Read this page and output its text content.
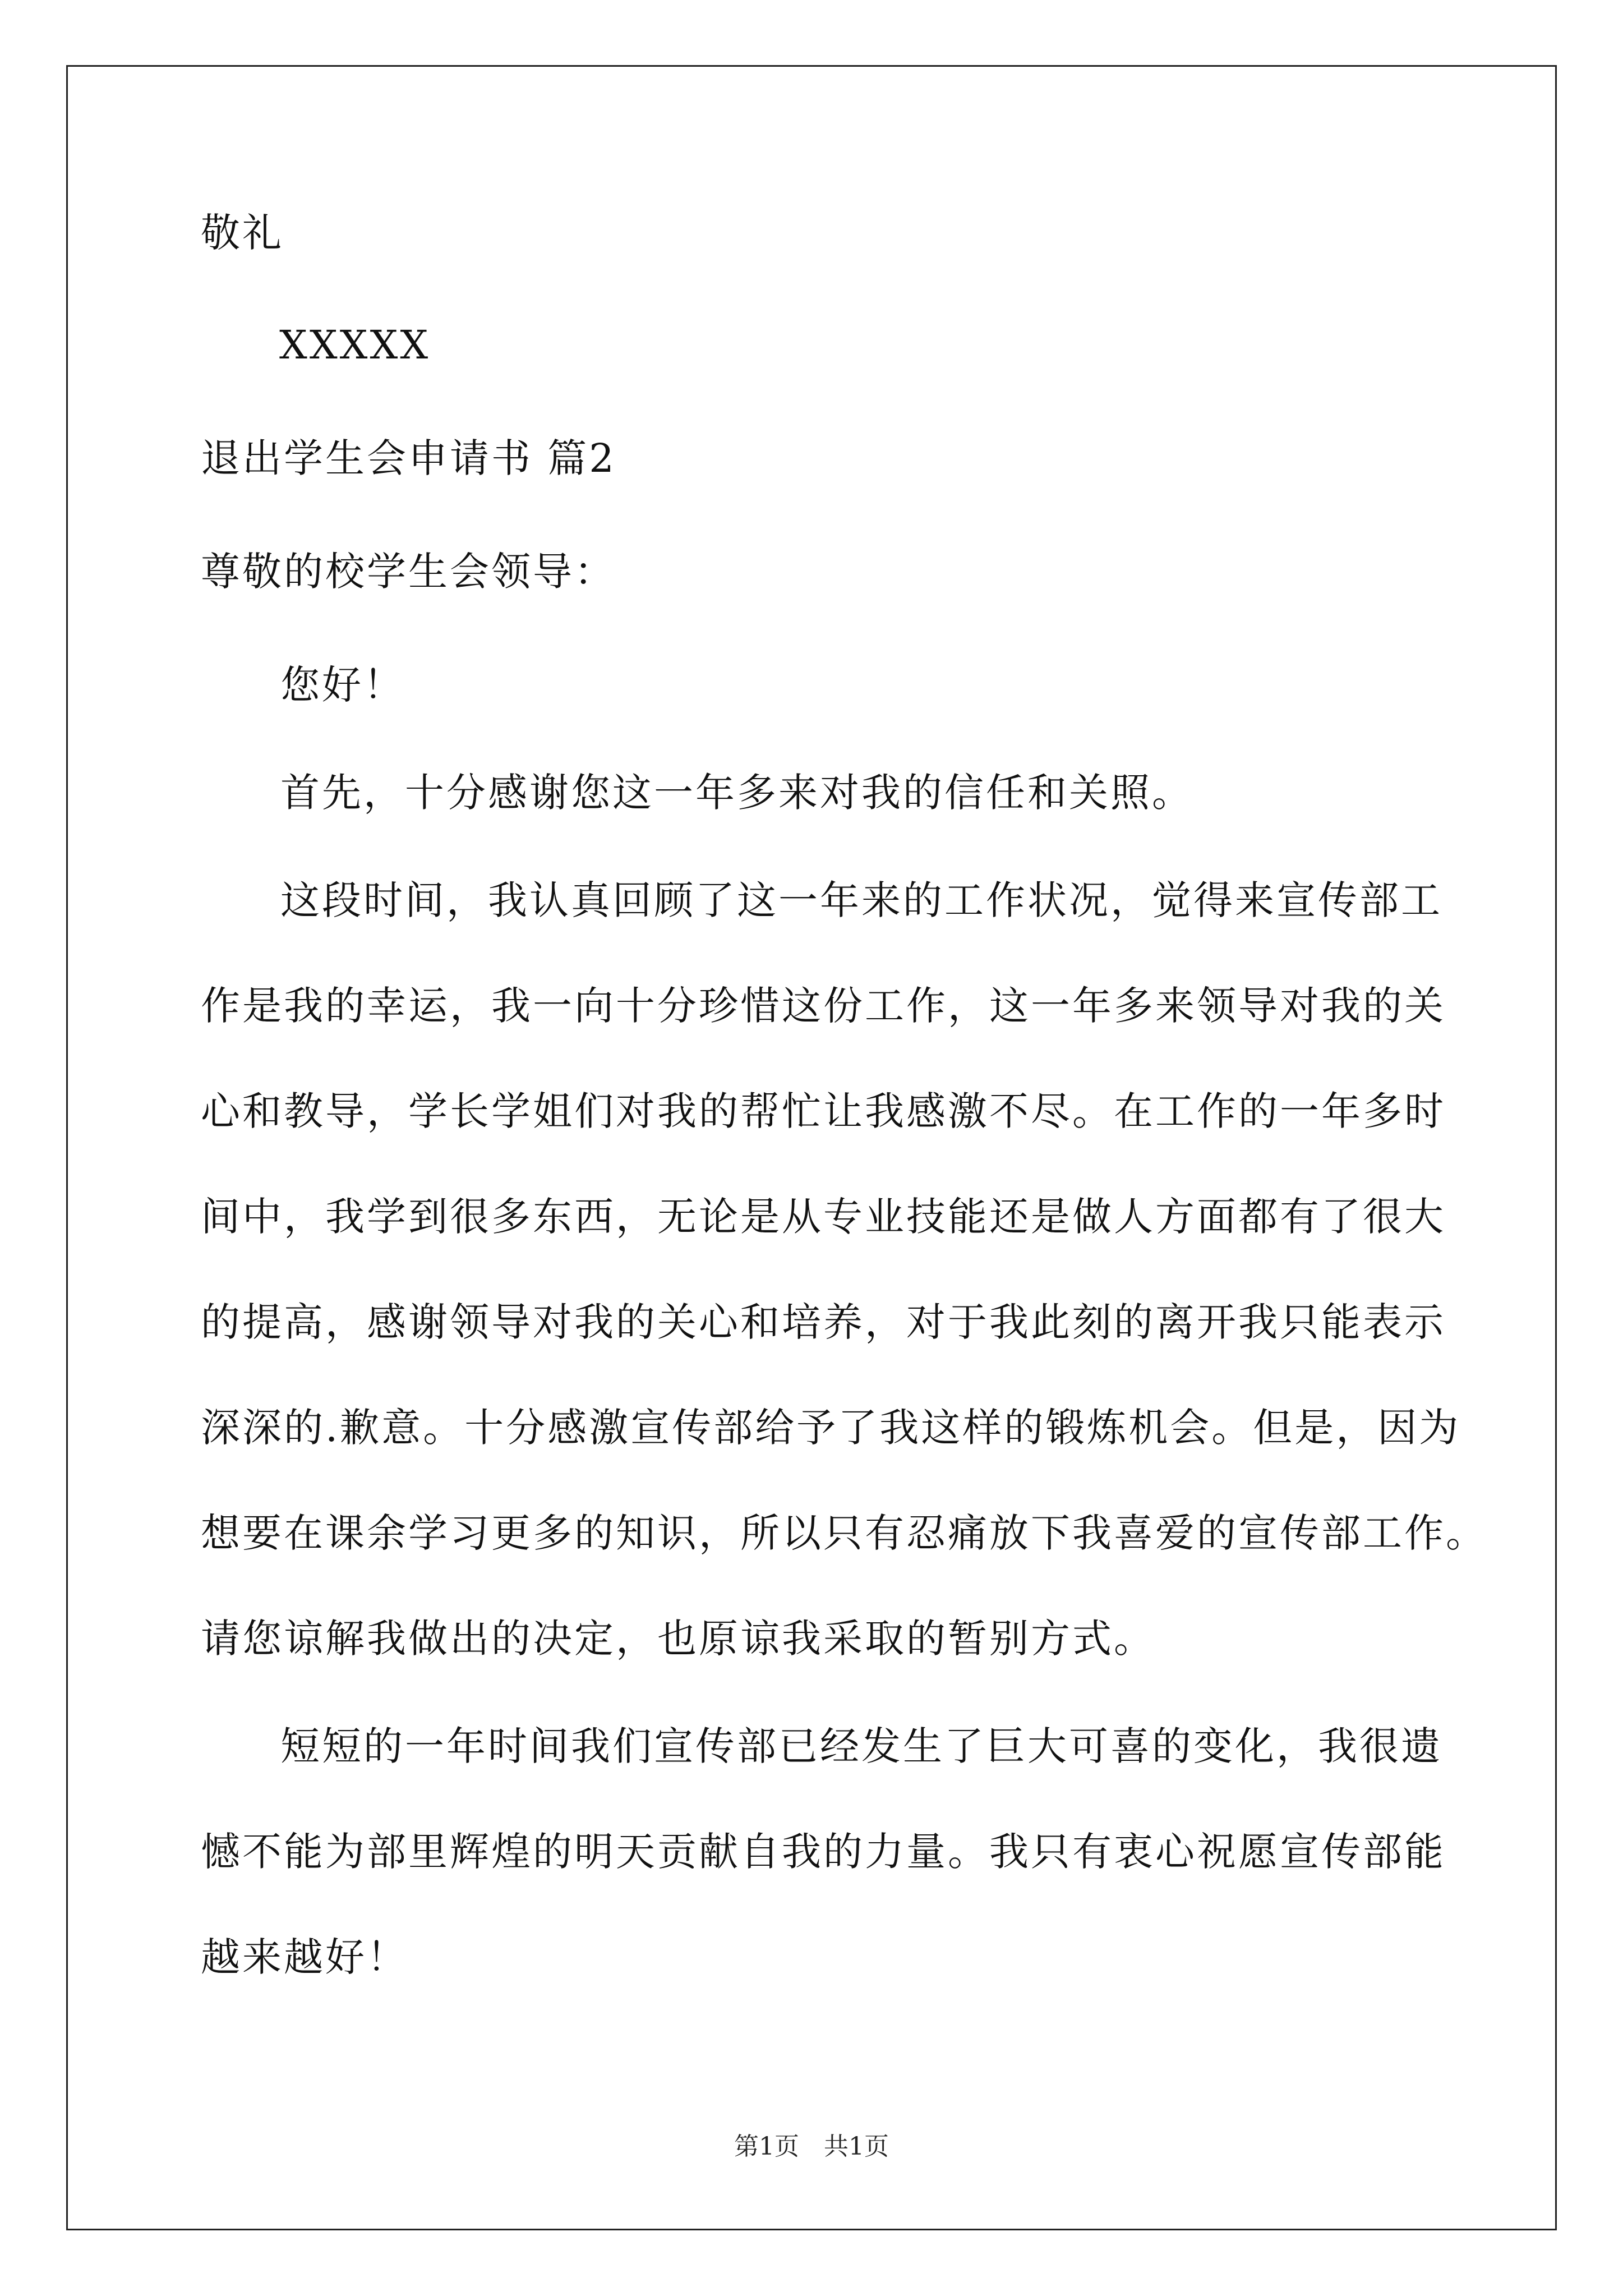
敬礼

XXXXX

退出学生会申请书 篇2

尊敬的校学生会领导：

您好！

首先，十分感谢您这一年多来对我的信任和关照。

这段时间，我认真回顾了这一年来的工作状况，觉得来宣传部工

作是我的幸运，我一向十分珍惜这份工作，这一年多来领导对我的关

心和教导，学长学姐们对我的帮忙让我感激不尽。在工作的一年多时

间中，我学到很多东西，无论是从专业技能还是做人方面都有了很大

的提高，感谢领导对我的关心和培养，对于我此刻的离开我只能表示

深深的.歉意。十分感激宣传部给予了我这样的锻炼机会。但是，因为

想要在课余学习更多的知识，所以只有忍痛放下我喜爱的宣传部工作。

请您谅解我做出的决定，也原谅我采取的暂别方式。

短短的一年时间我们宣传部已经发生了巨大可喜的变化，我很遗

憾不能为部里辉煌的明天贡献自我的力量。我只有衷心祝愿宣传部能

越来越好！

第1页　共1页
